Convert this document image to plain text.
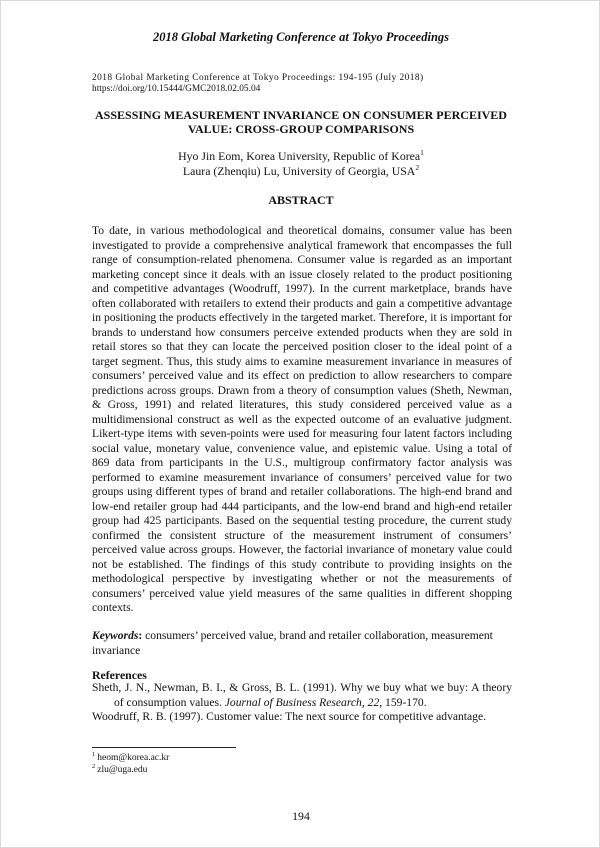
2018 Global Marketing Conference at Tokyo Proceedings
2018 Global Marketing Conference at Tokyo Proceedings: 194-195 (July 2018)
https://doi.org/10.15444/GMC2018.02.05.04
ASSESSING MEASUREMENT INVARIANCE ON CONSUMER PERCEIVED
VALUE: CROSS-GROUP COMPARISONS
Hyo Jin Eom, Korea University, Republic of Korea$^1$
Laura (Zhenqiu) Lu, University of Georgia, USA$^2$
ABSTRACT
To date, in various methodological and theoretical domains, consumer value has been investigated to provide a comprehensive analytical framework that encompasses the full range of consumption-related phenomena. Consumer value is regarded as an important marketing concept since it deals with an issue closely related to the product positioning and competitive advantages (Woodruff, 1997). In the current marketplace, brands have often collaborated with retailers to extend their products and gain a competitive advantage in positioning the products effectively in the targeted market. Therefore, it is important for brands to understand how consumers perceive extended products when they are sold in retail stores so that they can locate the perceived position closer to the ideal point of a target segment. Thus, this study aims to examine measurement invariance in measures of consumers’ perceived value and its effect on prediction to allow researchers to compare predictions across groups. Drawn from a theory of consumption values (Sheth, Newman, & Gross, 1991) and related literatures, this study considered perceived value as a multidimensional construct as well as the expected outcome of an evaluative judgment. Likert-type items with seven-points were used for measuring four latent factors including social value, monetary value, convenience value, and epistemic value. Using a total of 869 data from participants in the U.S., multigroup confirmatory factor analysis was performed to examine measurement invariance of consumers’ perceived value for two groups using different types of brand and retailer collaborations. The high-end brand and low-end retailer group had 444 participants, and the low-end brand and high-end retailer group had 425 participants. Based on the sequential testing procedure, the current study confirmed the consistent structure of the measurement instrument of consumers’ perceived value across groups. However, the factorial invariance of monetary value could not be established. The findings of this study contribute to providing insights on the methodological perspective by investigating whether or not the measurements of consumers’ perceived value yield measures of the same qualities in different shopping contexts.
Keywords: consumers’ perceived value, brand and retailer collaboration, measurement invariance
References
Sheth, J. N., Newman, B. I., & Gross, B. L. (1991). Why we buy what we buy: A theory of consumption values. Journal of Business Research, 22, 159-170.
Woodruff, R. B. (1997). Customer value: The next source for competitive advantage.
$^1$ heom@korea.ac.kr
$^2$ zlu@uga.edu
194
